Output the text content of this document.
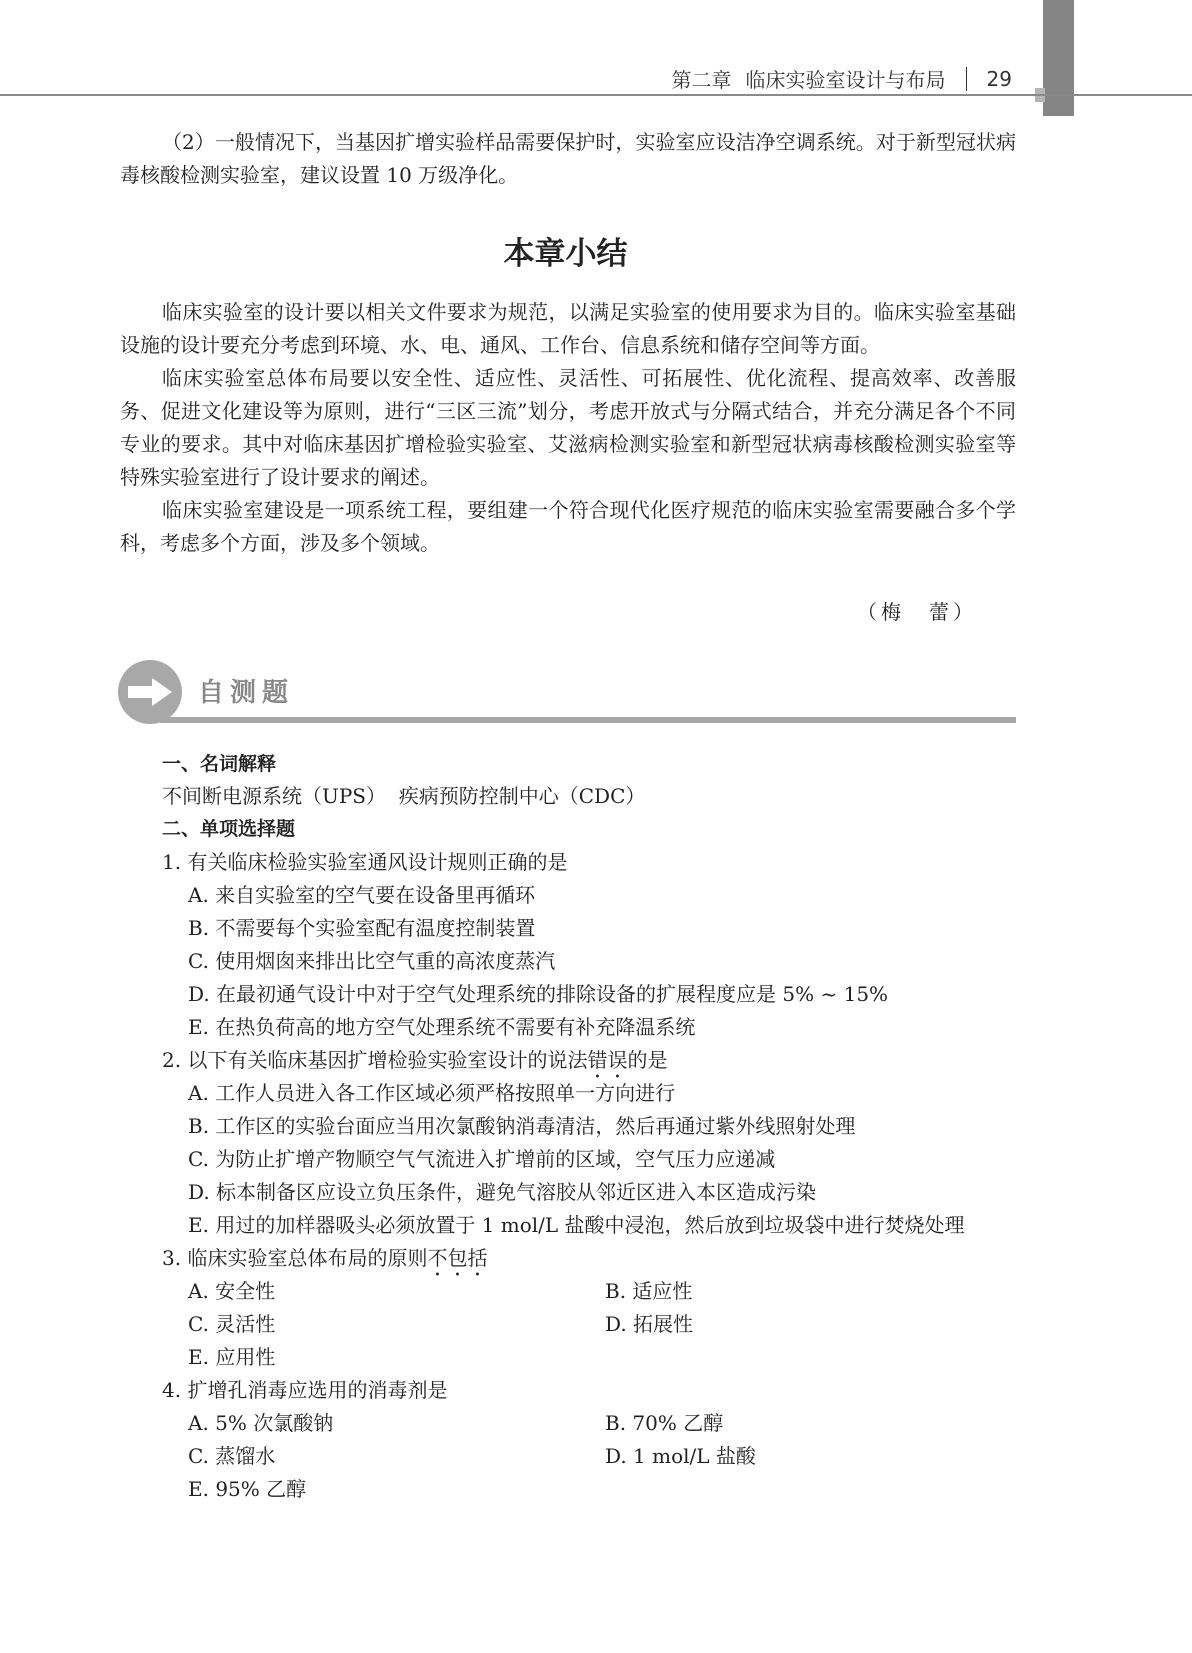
第二章 临床实验室设计与布局 29
（2）一般情况下，当基因扩增实验样品需要保护时，实验室应设洁净空调系统。对于新型冠状病毒核酸检测实验室，建议设置 10 万级净化。
本章小结
临床实验室的设计要以相关文件要求为规范，以满足实验室的使用要求为目的。临床实验室基础设施的设计要充分考虑到环境、水、电、通风、工作台、信息系统和储存空间等方面。
临床实验室总体布局要以安全性、适应性、灵活性、可拓展性、优化流程、提高效率、改善服务、促进文化建设等为原则，进行“三区三流”划分，考虑开放式与分隔式结合，并充分满足各个不同专业的要求。其中对临床基因扩增检验实验室、艾滋病检测实验室和新型冠状病毒核酸检测实验室等特殊实验室进行了设计要求的阐述。
临床实验室建设是一项系统工程，要组建一个符合现代化医疗规范的临床实验室需要融合多个学科，考虑多个方面，涉及多个领域。
（梅　蕾）
自测题
一、名词解释
不间断电源系统（UPS）  疾病预防控制中心（CDC）
二、单项选择题
1. 有关临床检验实验室通风设计规则正确的是
A. 来自实验室的空气要在设备里再循环
B. 不需要每个实验室配有温度控制装置
C. 使用烟囱来排出比空气重的高浓度蒸汽
D. 在最初通气设计中对于空气处理系统的排除设备的扩展程度应是 5% ~ 15%
E. 在热负荷高的地方空气处理系统不需要有补充降温系统
2. 以下有关临床基因扩增检验实验室设计的说法错误的是
A. 工作人员进入各工作区域必须严格按照单一方向进行
B. 工作区的实验台面应当用次氯酸钠消毒清洁，然后再通过紫外线照射处理
C. 为防止扩增产物顺空气气流进入扩增前的区域，空气压力应递减
D. 标本制备区应设立负压条件，避免气溶胶从邻近区进入本区造成污染
E. 用过的加样器吸头必须放置于 1 mol/L 盐酸中浸泡，然后放到垃圾袋中进行焚烧处理
3. 临床实验室总体布局的原则不包括
A. 安全性	B. 适应性
C. 灵活性	D. 拓展性
E. 应用性
4. 扩增孔消毒应选用的消毒剂是
A. 5% 次氯酸钠	B. 70% 乙醇
C. 蒸馏水	D. 1 mol/L 盐酸
E. 95% 乙醇
